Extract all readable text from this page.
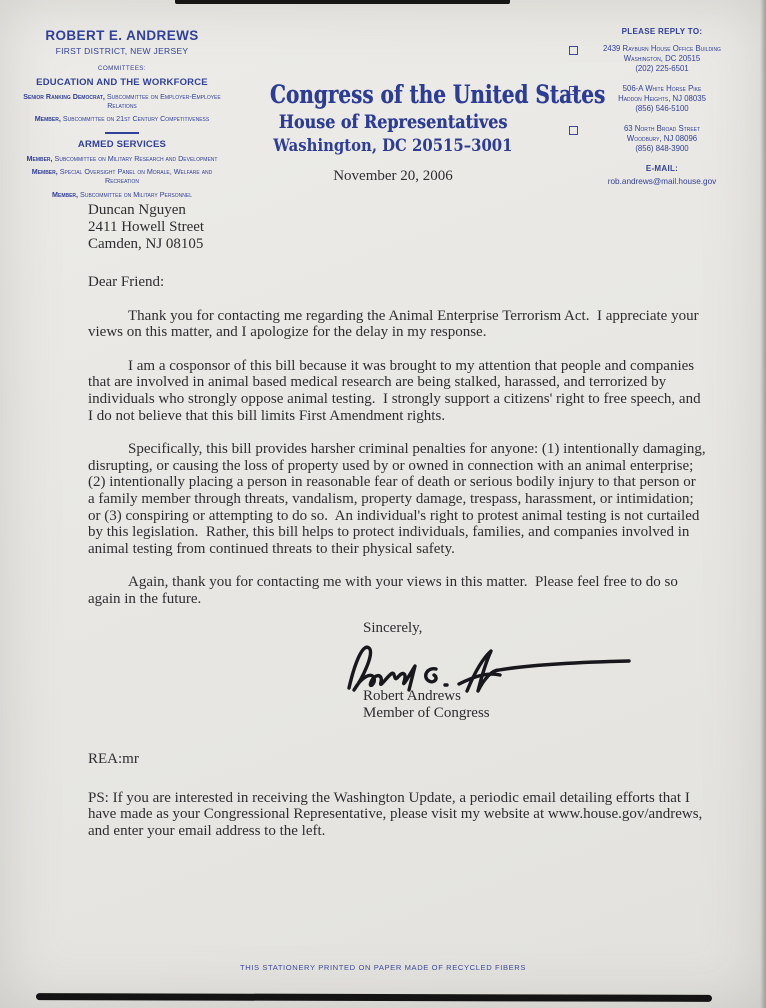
ROBERT E. ANDREWS
FIRST DISTRICT, NEW JERSEY
COMMITTEES:
EDUCATION AND THE WORKFORCE
Senior Ranking Democrat, Subcommittee on Employer-Employee Relations
Member, Subcommittee on 21st Century Competitiveness
ARMED SERVICES
Member, Subcommittee on Military Research and Development
Member, Special Oversight Panel on Morale, Welfare and Recreation
Member, Subcommittee on Military Personnel
Congress of the United States
House of Representatives
Washington, DC 20515–3001
November 20, 2006
PLEASE REPLY TO:
2439 Rayburn House Office Building
Washington, DC 20515
(202) 225-6501
506-A White Horse Pike
Haddon Heights, NJ 08035
(856) 546-5100
63 North Broad Street
Woodbury, NJ 08096
(856) 848-3900
E-MAIL:
rob.andrews@mail.house.gov
Duncan Nguyen
2411 Howell Street
Camden, NJ 08105
Dear Friend:
Thank you for contacting me regarding the Animal Enterprise Terrorism Act.  I appreciate your views on this matter, and I apologize for the delay in my response.
I am a cosponsor of this bill because it was brought to my attention that people and companies that are involved in animal based medical research are being stalked, harassed, and terrorized by individuals who strongly oppose animal testing.  I strongly support a citizens' right to free speech, and I do not believe that this bill limits First Amendment rights.
Specifically, this bill provides harsher criminal penalties for anyone: (1) intentionally damaging, disrupting, or causing the loss of property used by or owned in connection with an animal enterprise; (2) intentionally placing a person in reasonable fear of death or serious bodily injury to that person or a family member through threats, vandalism, property damage, trespass, harassment, or intimidation; or (3) conspiring or attempting to do so.  An individual's right to protest animal testing is not curtailed by this legislation.  Rather, this bill helps to protect individuals, families, and companies involved in animal testing from continued threats to their physical safety.
Again, thank you for contacting me with your views in this matter.  Please feel free to do so again in the future.
Sincerely,
Robert Andrews
Member of Congress
REA:mr
PS: If you are interested in receiving the Washington Update, a periodic email detailing efforts that I have made as your Congressional Representative, please visit my website at www.house.gov/andrews, and enter your email address to the left.
THIS STATIONERY PRINTED ON PAPER MADE OF RECYCLED FIBERS
